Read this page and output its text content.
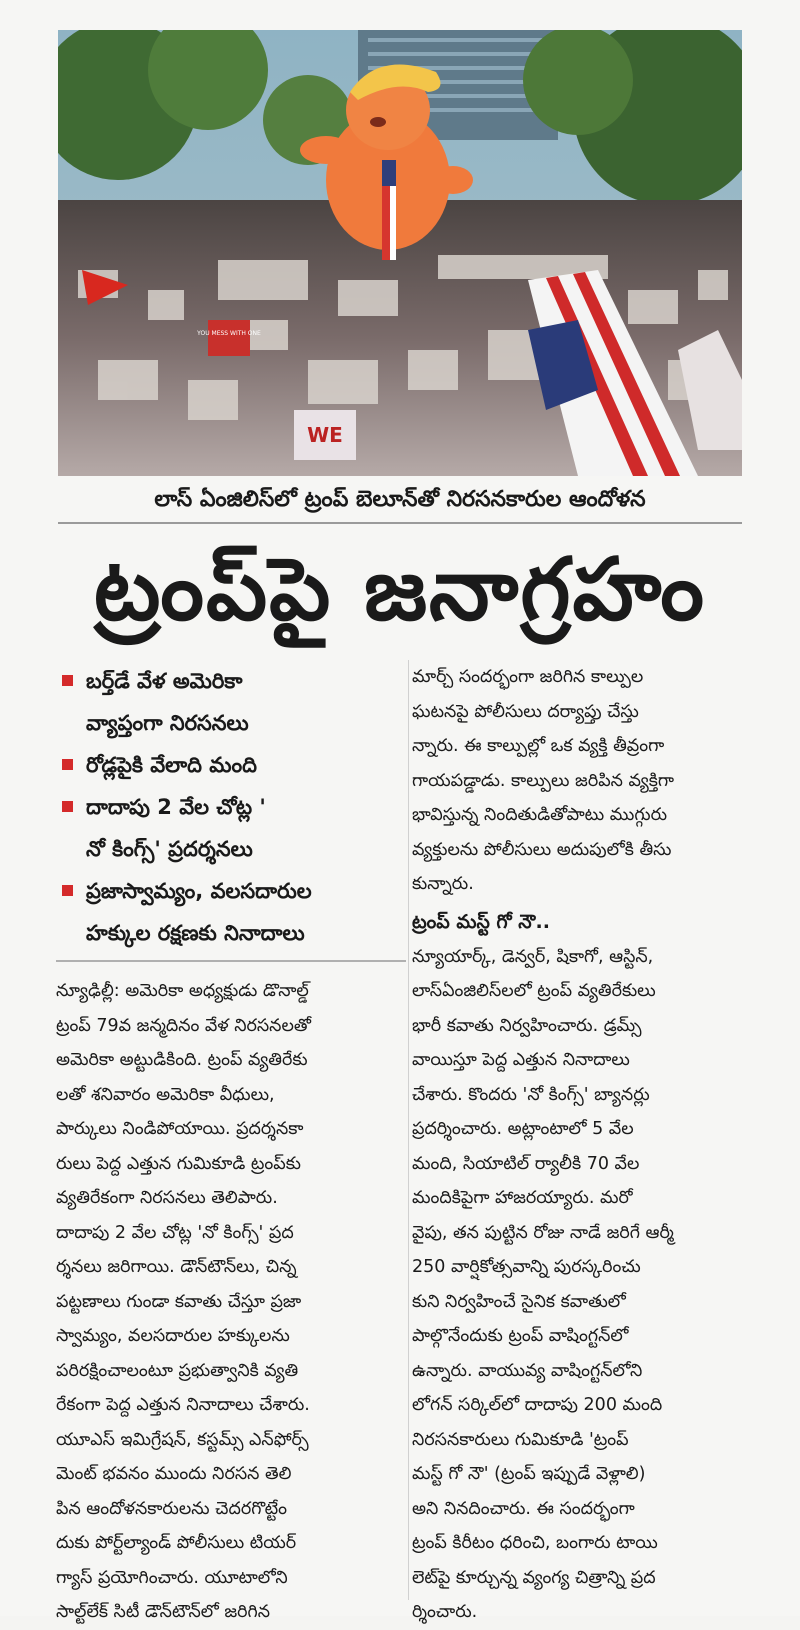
YOU MESS WITH ONE
WE
లాస్ ఏంజిలిస్‌లో ట్రంప్ బెలూన్‌తో నిరసనకారుల ఆందోళన
ట్రంప్‌పై జనాగ్రహం
బర్త్‌డే వేళ అమెరికా
వ్యాప్తంగా నిరసనలు
రోడ్లపైకి వేలాది మంది
దాదాపు 2 వేల చోట్ల '
నో కింగ్స్' ప్రదర్శనలు
ప్రజాస్వామ్యం, వలసదారుల
హక్కుల రక్షణకు నినాదాలు
న్యూఢిల్లీ: అమెరికా అధ్యక్షుడు డొనాల్డ్
ట్రంప్ 79వ జన్మదినం వేళ నిరసనలతో
అమెరికా అట్టుడికింది. ట్రంప్ వ్యతిరేకు
లతో శనివారం అమెరికా వీధులు,
పార్కులు నిండిపోయాయి. ప్రదర్శనకా
రులు పెద్ద ఎత్తున గుమికూడి ట్రంప్‌కు
వ్యతిరేకంగా నిరసనలు తెలిపారు.
దాదాపు 2 వేల చోట్ల 'నో కింగ్స్' ప్రద
ర్శనలు జరిగాయి. డౌన్‌టౌన్‌లు, చిన్న
పట్టణాలు గుండా కవాతు చేస్తూ ప్రజా
స్వామ్యం, వలసదారుల హక్కులను
పరిరక్షించాలంటూ ప్రభుత్వానికి వ్యతి
రేకంగా పెద్ద ఎత్తున నినాదాలు చేశారు.
యూఎస్ ఇమిగ్రేషన్, కస్టమ్స్ ఎన్‌ఫోర్స్
మెంట్ భవనం ముందు నిరసన తెలి
పిన ఆందోళనకారులను చెదరగొట్టేం
దుకు పోర్ట్‌ల్యాండ్ పోలీసులు టియర్
గ్యాస్ ప్రయోగించారు. యూటాలోని
సాల్ట్‌లేక్ సిటీ డౌన్‌టౌన్‌లో జరిగిన
మార్చ్ సందర్భంగా జరిగిన కాల్పుల
ఘటనపై పోలీసులు దర్యాప్తు చేస్తు
న్నారు. ఈ కాల్పుల్లో ఒక వ్యక్తి తీవ్రంగా
గాయపడ్డాడు. కాల్పులు జరిపిన వ్యక్తిగా
భావిస్తున్న నిందితుడితోపాటు ముగ్గురు
వ్యక్తులను పోలీసులు అదుపులోకి తీసు
కున్నారు.
ట్రంప్ మస్ట్ గో నౌ..
న్యూయార్క్, డెన్వర్, షికాగో, ఆస్టిన్,
లాస్‌ఏంజిలిస్‌లలో ట్రంప్ వ్యతిరేకులు
భారీ కవాతు నిర్వహించారు. డ్రమ్స్
వాయిస్తూ పెద్ద ఎత్తున నినాదాలు
చేశారు. కొందరు 'నో కింగ్స్' బ్యానర్లు
ప్రదర్శించారు. అట్లాంటాలో 5 వేల
మంది, సియాటిల్ ర్యాలీకి 70 వేల
మందికిపైగా హాజరయ్యారు. మరో
వైపు, తన పుట్టిన రోజు నాడే జరిగే ఆర్మీ
250 వార్షికోత్సవాన్ని పురస్కరించు
కుని నిర్వహించే సైనిక కవాతులో
పాల్గొనేందుకు ట్రంప్ వాషింగ్టన్‌లో
ఉన్నారు. వాయువ్య వాషింగ్టన్‌లోని
లోగన్ సర్కిల్‌లో దాదాపు 200 మంది
నిరసనకారులు గుమికూడి 'ట్రంప్
మస్ట్ గో నౌ' (ట్రంప్ ఇప్పుడే వెళ్లాలి)
అని నినదించారు. ఈ సందర్భంగా
ట్రంప్ కిరీటం ధరించి, బంగారు టాయి
లెట్‌పై కూర్చున్న వ్యంగ్య చిత్రాన్ని ప్రద
ర్శించారు.
